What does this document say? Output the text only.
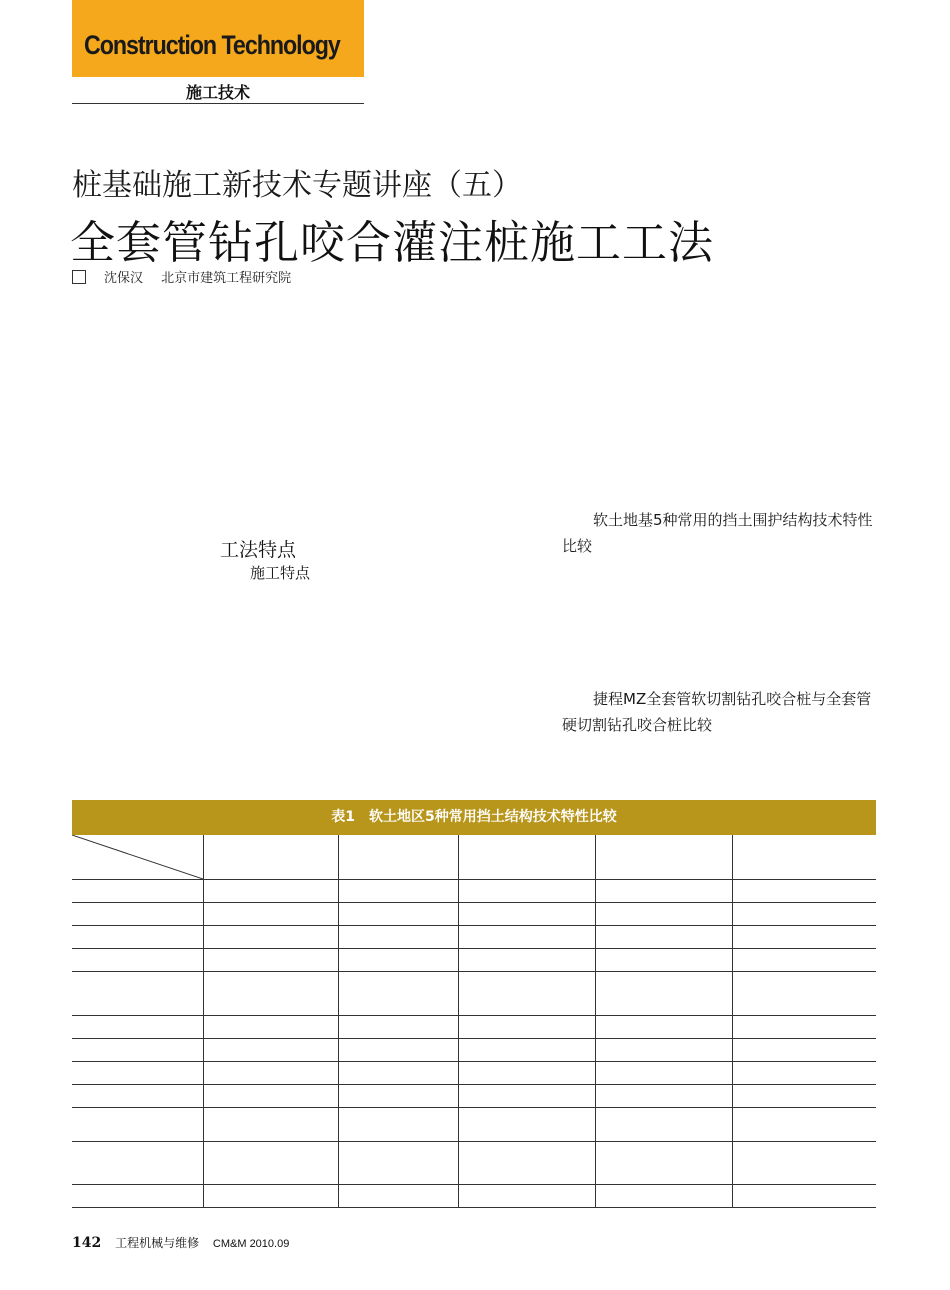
Construction Technology
施工技术
桩基础施工新技术专题讲座（五）
全套管钻孔咬合灌注桩施工工法
沈保汉 北京市建筑工程研究院
工法特点
施工特点
软土地基5种常用的挡土围护结构技术特性比较
捷程MZ全套管软切割钻孔咬合桩与全套管硬切割钻孔咬合桩比较
表1　软土地区5种常用挡土结构技术特性比较

142 工程机械与维修 CM&M 2010.09
